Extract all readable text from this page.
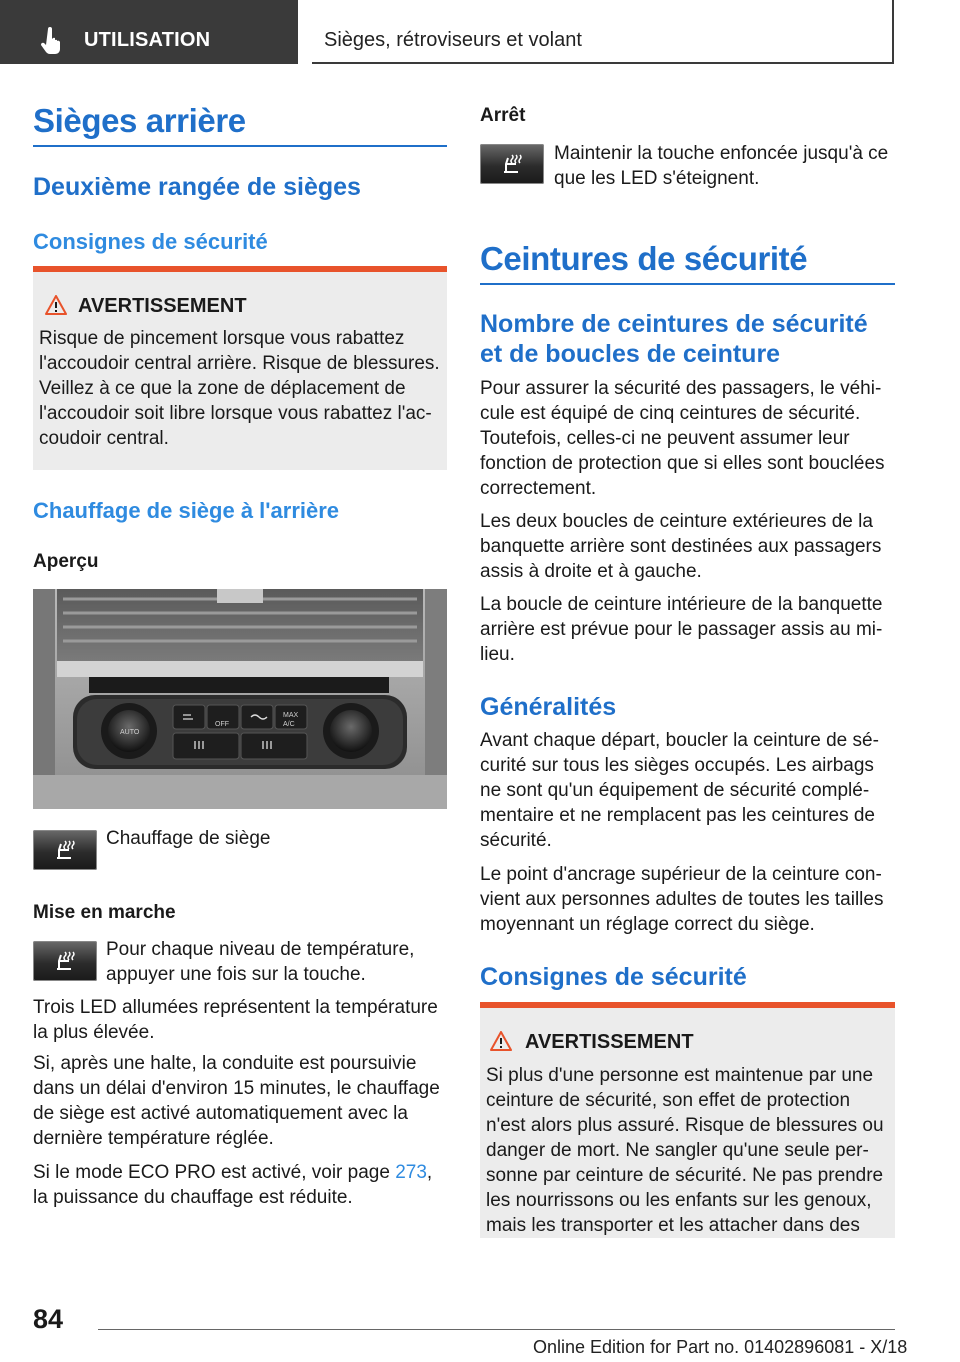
UTILISATION	Sièges, rétroviseurs et volant
Sièges arrière
Deuxième rangée de sièges
Consignes de sécurité
AVERTISSEMENT
Risque de pincement lorsque vous rabattez
l'accoudoir central arrière. Risque de blessures.
Veillez à ce que la zone de déplacement de
l'accoudoir soit libre lorsque vous rabattez l'ac-
coudoir central.
Chauffage de siège à l'arrière
Aperçu
AUTO
OFF
MAX
A/C
Chauffage de siège
Mise en marche
Pour chaque niveau de température,
appuyer une fois sur la touche.
Trois LED allumées représentent la température
la plus élevée.
Si, après une halte, la conduite est poursuivie
dans un délai d'environ 15 minutes, le chauffage
de siège est activé automatiquement avec la
dernière température réglée.
Si le mode ECO PRO est activé, voir page 273,
la puissance du chauffage est réduite.
Arrêt
Maintenir la touche enfoncée jusqu'à ce
que les LED s'éteignent.
Ceintures de sécurité
Nombre de ceintures de sécurité
et de boucles de ceinture
Pour assurer la sécurité des passagers, le véhi-
cule est équipé de cinq ceintures de sécurité.
Toutefois, celles-ci ne peuvent assumer leur
fonction de protection que si elles sont bouclées
correctement.
Les deux boucles de ceinture extérieures de la
banquette arrière sont destinées aux passagers
assis à droite et à gauche.
La boucle de ceinture intérieure de la banquette
arrière est prévue pour le passager assis au mi-
lieu.
Généralités
Avant chaque départ, boucler la ceinture de sé-
curité sur tous les sièges occupés. Les airbags
ne sont qu'un équipement de sécurité complé-
mentaire et ne remplacent pas les ceintures de
sécurité.
Le point d'ancrage supérieur de la ceinture con-
vient aux personnes adultes de toutes les tailles
moyennant un réglage correct du siège.
Consignes de sécurité
AVERTISSEMENT
Si plus d'une personne est maintenue par une
ceinture de sécurité, son effet de protection
n'est alors plus assuré. Risque de blessures ou
danger de mort. Ne sangler qu'une seule per-
sonne par ceinture de sécurité. Ne pas prendre
les nourrissons ou les enfants sur les genoux,
mais les transporter et les attacher dans des
84
Online Edition for Part no. 01402896081 - X/18
